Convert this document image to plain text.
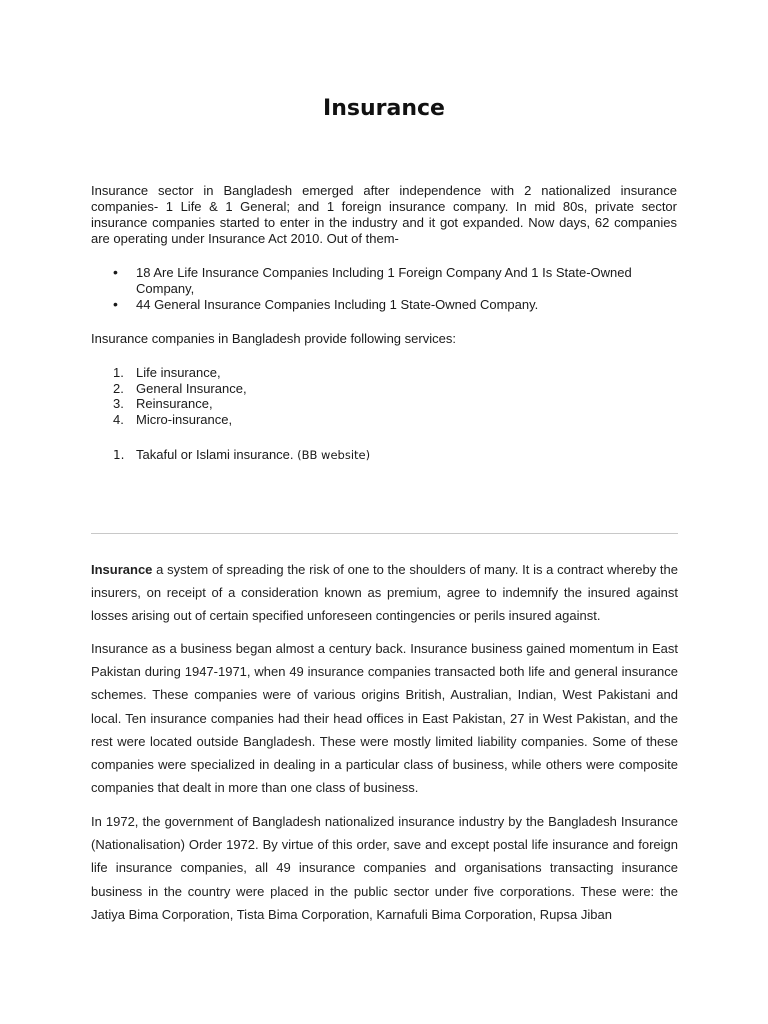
Insurance

Insurance sector in Bangladesh emerged after independence with 2 nationalized insurance companies- 1 Life & 1 General; and 1 foreign insurance company. In mid 80s, private sector insurance companies started to enter in the industry and it got expanded. Now days, 62 companies are operating under Insurance Act 2010. Out of them-

• 18 Are Life Insurance Companies Including 1 Foreign Company And 1 Is State-Owned Company,
• 44 General Insurance Companies Including 1 State-Owned Company.

Insurance companies in Bangladesh provide following services:

1. Life insurance,
2. General Insurance,
3. Reinsurance,
4. Micro-insurance,
1. Takaful or Islami insurance. (BB website)

Insurance a system of spreading the risk of one to the shoulders of many. It is a contract whereby the insurers, on receipt of a consideration known as premium, agree to indemnify the insured against losses arising out of certain specified unforeseen contingencies or perils insured against.

Insurance as a business began almost a century back. Insurance business gained momentum in East Pakistan during 1947-1971, when 49 insurance companies transacted both life and general insurance schemes. These companies were of various origins British, Australian, Indian, West Pakistani and local. Ten insurance companies had their head offices in East Pakistan, 27 in West Pakistan, and the rest were located outside Bangladesh. These were mostly limited liability companies. Some of these companies were specialized in dealing in a particular class of business, while others were composite companies that dealt in more than one class of business.

In 1972, the government of Bangladesh nationalized insurance industry by the Bangladesh Insurance (Nationalisation) Order 1972. By virtue of this order, save and except postal life insurance and foreign life insurance companies, all 49 insurance companies and organisations transacting insurance business in the country were placed in the public sector under five corporations. These were: the Jatiya Bima Corporation, Tista Bima Corporation, Karnafuli Bima Corporation, Rupsa Jiban
